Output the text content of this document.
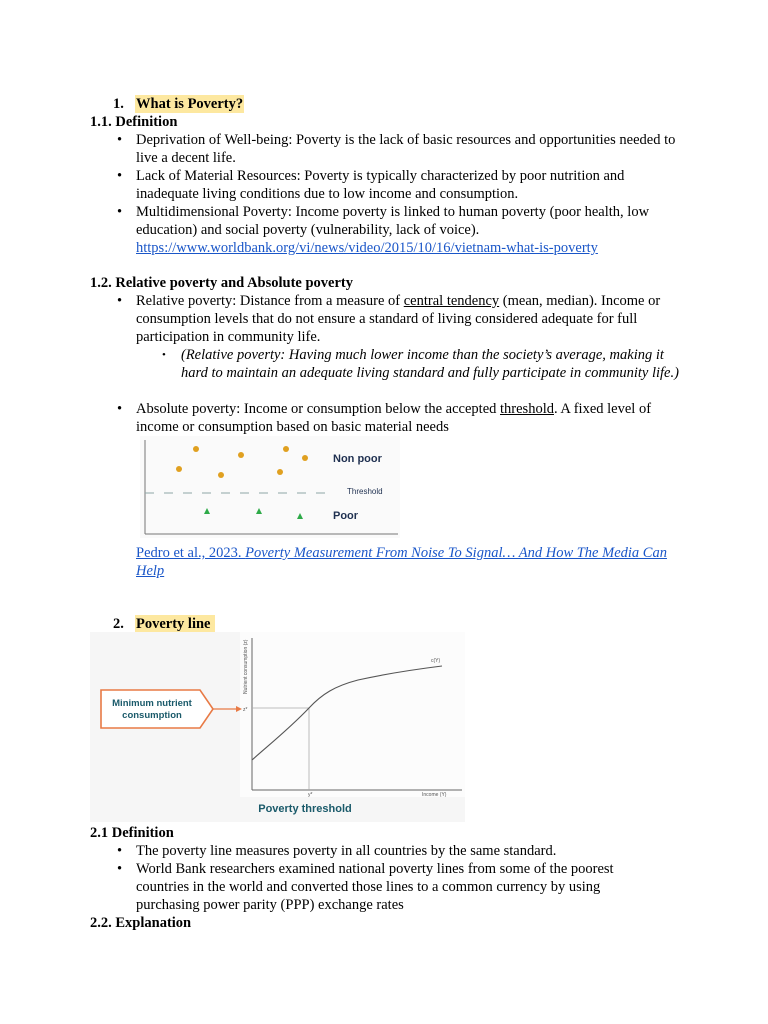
1. What is Poverty?
1.1. Definition
•
Deprivation of Well-being: Poverty is the lack of basic resources and opportunities needed to live a decent life.
•
Lack of Material Resources: Poverty is typically characterized by poor nutrition and inadequate living conditions due to low income and consumption.
•
Multidimensional Poverty: Income poverty is linked to human poverty (poor health, low education) and social poverty (vulnerability, lack of voice).
https://www.worldbank.org/vi/news/video/2015/10/16/vietnam-what-is-poverty
1.2. Relative poverty and Absolute poverty
•
Relative poverty: Distance from a measure of central tendency (mean, median). Income or consumption levels that do not ensure a standard of living considered adequate for full participation in community life.
• (Relative poverty: Having much lower income than the society’s average, making it hard to maintain an adequate living standard and fully participate in community life.)
•
Absolute poverty: Income or consumption below the accepted threshold. A fixed level of income or consumption based on basic material needs
Non poor
Threshold
Poor
Pedro et al., 2023. Poverty Measurement From Noise To Signal… And How The Media Can Help
2. Poverty line
Minimum nutrient
consumption
Nutrient consumption (z)
Income (Y)
z*
y*
c(Y)
Poverty threshold
2.1 Definition
•
The poverty line measures poverty in all countries by the same standard.
•
World Bank researchers examined national poverty lines from some of the poorest countries in the world and converted those lines to a common currency by using purchasing power parity (PPP) exchange rates
2.2. Explanation
